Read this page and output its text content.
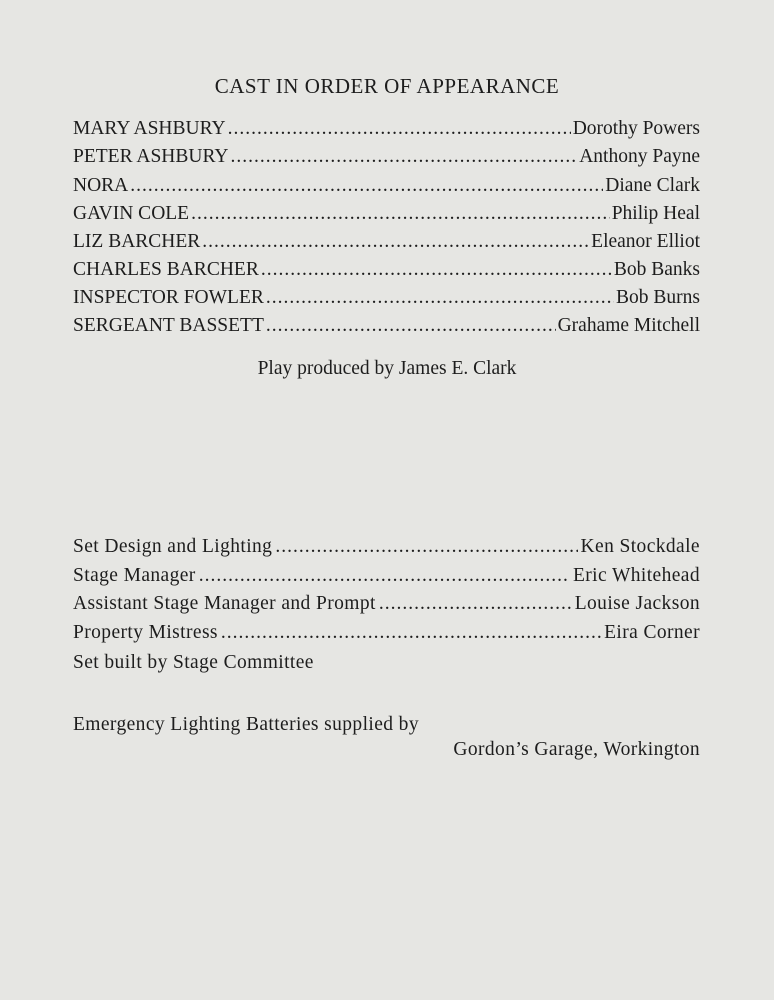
CAST IN ORDER OF APPEARANCE
MARY ASHBURY .....	Dorothy Powers
PETER ASHBURY .....	Anthony Payne
NORA .....	Diane Clark
GAVIN COLE .....	Philip Heal
LIZ BARCHER .....	Eleanor Elliot
CHARLES BARCHER .....	Bob Banks
INSPECTOR FOWLER .....	Bob Burns
SERGEANT BASSETT .....	Grahame Mitchell
Play produced by James E. Clark
Set Design and Lighting .....	Ken Stockdale
Stage Manager .....	Eric Whitehead
Assistant Stage Manager and Prompt .....	Louise Jackson
Property Mistress .....	Eira Corner
Set built by Stage Committee
Emergency Lighting Batteries supplied by
Gordon’s Garage, Workington
